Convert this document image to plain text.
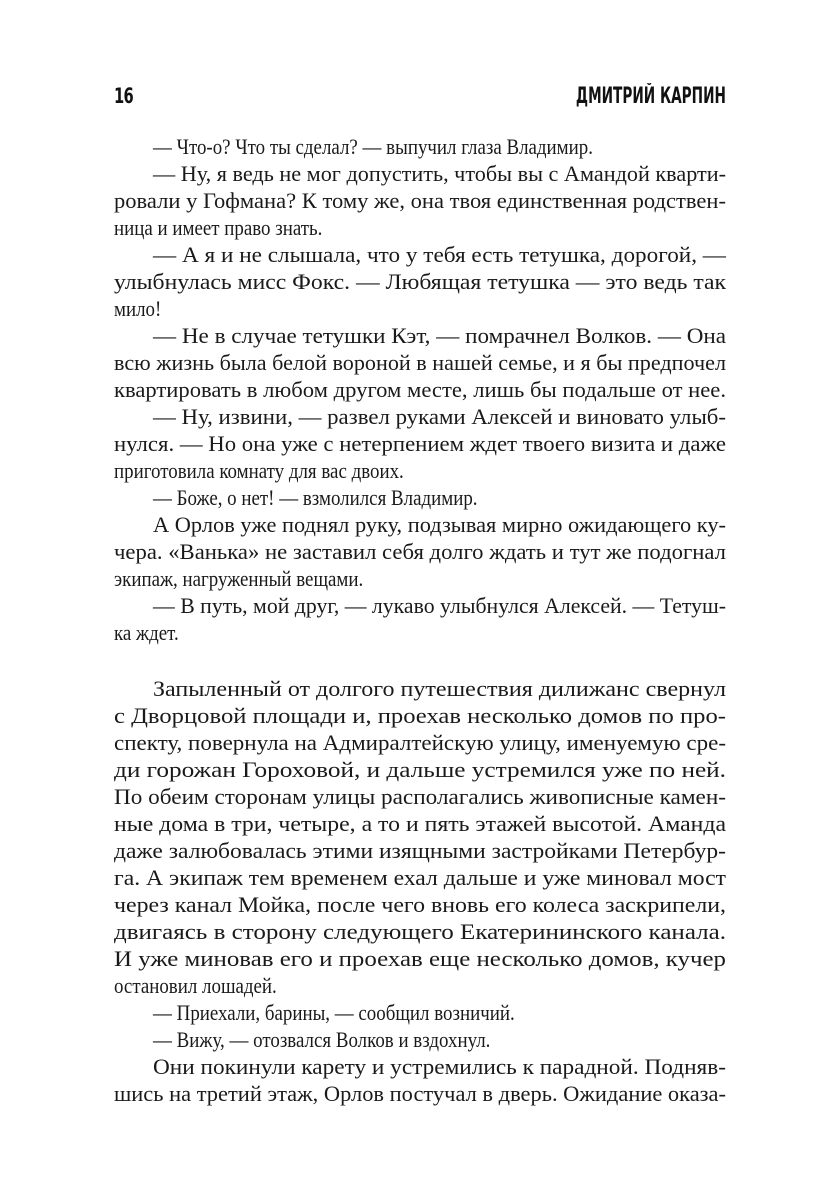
16	ДМИТРИЙ КАРПИН
— Что-о? Что ты сделал? — выпучил глаза Владимир.
— Ну, я ведь не мог допустить, чтобы вы с Амандой кварти-
ровали у Гофмана? К тому же, она твоя единственная родствен-
ница и имеет право знать.
— А я и не слышала, что у тебя есть тетушка, дорогой, —
улыбнулась мисс Фокс. — Любящая тетушка — это ведь так
мило!
— Не в случае тетушки Кэт, — помрачнел Волков. — Она
всю жизнь была белой вороной в нашей семье, и я бы предпочел
квартировать в любом другом месте, лишь бы подальше от нее.
— Ну, извини, — развел руками Алексей и виновато улыб-
нулся. — Но она уже с нетерпением ждет твоего визита и даже
приготовила комнату для вас двоих.
— Боже, о нет! — взмолился Владимир.
А Орлов уже поднял руку, подзывая мирно ожидающего ку-
чера. «Ванька» не заставил себя долго ждать и тут же подогнал
экипаж, нагруженный вещами.
— В путь, мой друг, — лукаво улыбнулся Алексей. — Тетуш-
ка ждет.
Запыленный от долгого путешествия дилижанс свернул
с Дворцовой площади и, проехав несколько домов по про-
спекту, повернула на Адмиралтейскую улицу, именуемую сре-
ди горожан Гороховой, и дальше устремился уже по ней.
По обеим сторонам улицы располагались живописные камен-
ные дома в три, четыре, а то и пять этажей высотой. Аманда
даже залюбовалась этими изящными застройками Петербур-
га. А экипаж тем временем ехал дальше и уже миновал мост
через канал Мойка, после чего вновь его колеса заскрипели,
двигаясь в сторону следующего Екатерининского канала.
И уже миновав его и проехав еще несколько домов, кучер
остановил лошадей.
— Приехали, барины, — сообщил возничий.
— Вижу, — отозвался Волков и вздохнул.
Они покинули карету и устремились к парадной. Подняв-
шись на третий этаж, Орлов постучал в дверь. Ожидание оказа-
